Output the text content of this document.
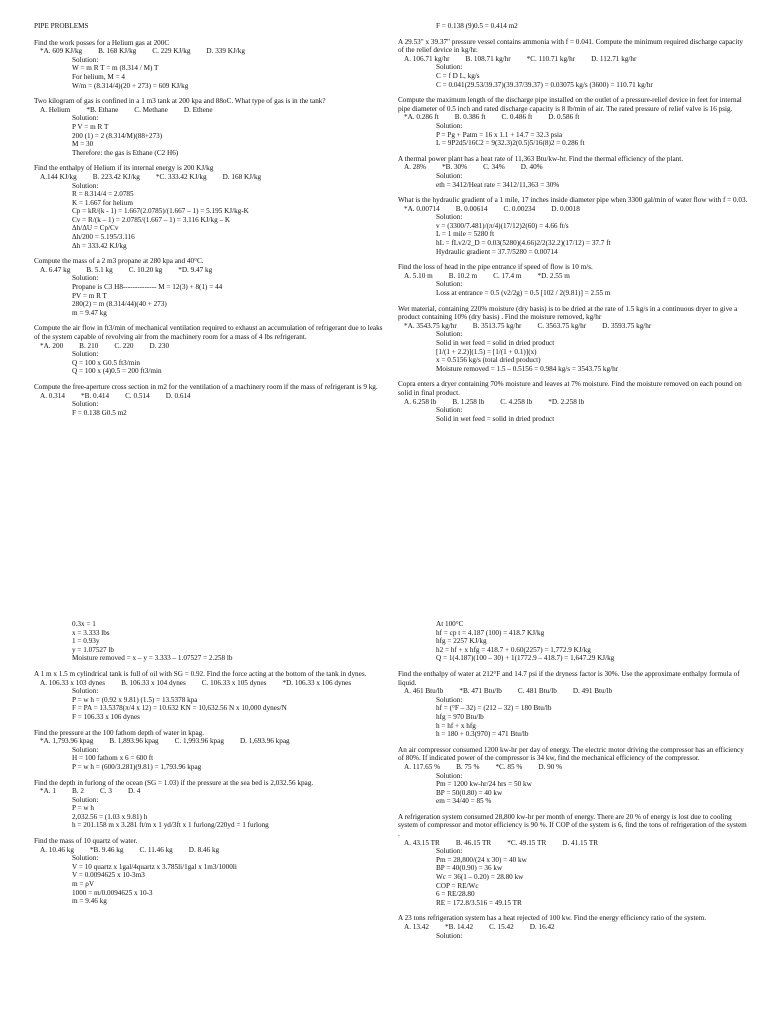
PIPE PROBLEMS

Find the work posses for a Helium gas at 200C

*A. 609 KJ/kg B. 168 KJ/kg C. 229 KJ/kg D. 339 KJ/kg
Solution:
W = m R T = m (8.314 / M) T
For helium, M = 4
W/m = (8.314/4)(20 + 273) = 609 KJ/kg

Two kilogram of gas is confined in a 1 m3 tank at 200 kpa and 88oC. What type of gas is in the tank?

A. Helium *B. Ethane C. Methane D. Ethene
Solution:
P V = m R T
200 (1) = 2 (8.314/M)(88+273)
M = 30
Therefore: the gas is Ethane (C2 H6)

Find the enthalpy of Helium if its internal energy is 200 KJ/kg

A.144 KJ/kg B. 223.42 KJ/kg *C. 333.42 KJ/kg D. 168 KJ/kg
Solution:
R = 8.314/4 = 2.0785
K = 1.667 for helium
Cp = kR/(k - 1) = 1.667(2.0785)/(1.667 – 1) = 5.195 KJ/kg-K
Cv = R/(k – 1) = 2.0785/(1.667 – 1) = 3.116 KJ/kg – K
Δh/ΔU = Cp/Cv
Δh/200 = 5.195/3.116
Δh = 333.42 KJ/kg

Compute the mass of a 2 m3 propane at 280 kpa and 40°C.

A. 6.47 kg B. 5.1 kg C. 10.20 kg *D. 9.47 kg
Solution:
Propane is C3 H8-------------- M = 12(3) + 8(1) = 44
PV = m R T
280(2) = m (8.314/44)(40 + 273)
m = 9.47 kg

Compute the air flow in ft3/min of mechanical ventilation required to exhaust an accumulation of refrigerant due to leaks of the system capable of revolving air from the machinery room for a mass of 4 lbs refrigerant.

*A. 200 B. 210 C. 220 D. 230
Solution:
Q = 100 x G0.5 ft3/min
Q = 100 x (4)0.5 = 200 ft3/min

Compute the free-aperture cross section in m2 for the ventilation of a machinery room if the mass of refrigerant is 9 kg.

A. 0.314 *B. 0.414 C. 0.514 D. 0.614
Solution:
F = 0.138 G0.5 m2
F = 0.138 (9)0.5 = 0.414 m2

A 29.53" x 39.37" pressure vessel contains ammonia with f = 0.041. Compute the minimum required discharge capacity of the relief device in kg/hr.

A. 106.71 kg/hr B. 108.71 kg/hr *C. 110.71 kg/hr D. 112.71 kg/hr
Solution:
C = f D L, kg/s
C = 0.041(29.53/39.37)(39.37/39.37) = 0.03075 kg/s (3600) = 110.71 kg/hr

Compute the maximum length of the discharge pipe installed on the outlet of a pressure-relief device in feet for internal pipe diameter of 0.5 inch and rated discharge capacity is 8 lb/min of air. The rated pressure of relief valve is 16 psig.

*A. 0.286 ft B. 0.386 ft C. 0.486 ft D. 0.586 ft
Solution:
P = Pg + Patm = 16 x 1.1 + 14.7 = 32.3 psia
L = 9P2d5/16C2 = 9(32.3)2(0.5)5/16(8)2 = 0.286 ft

A thermal power plant has a heat rate of 11,363 Btu/kw-hr. Find the thermal efficiency of the plant.

A. 28% *B. 30% C. 34% D. 40%
Solution:
eth = 3412/Heat rate = 3412/11,363 = 30%

What is the hydraulic gradient of a 1 mile, 17 inches inside diameter pipe when 3300 gal/min of water flow with f = 0.03.

*A. 0.00714 B. 0.00614 C. 0.00234 D. 0.0018
Solution:
v = (3300/7.481)/(π/4)(17/12)2(60) = 4.66 ft/s
L = 1 mile = 5280 ft
hL = fLv2/2_D = 0.03(5280)(4.66)2/2(32.2)(17/12) = 37.7 ft
Hydraulic gradient = 37.7/5280 = 0.00714

Find the loss of head in the pipe entrance if speed of flow is 10 m/s.

A. 5.10 m B. 10.2 m C. 17.4 m *D. 2.55 m
Solution:
Loss at entrance = 0.5 (v2/2g) = 0.5 [102 / 2(9.81)] = 2.55 m

Wet material, containing 220% moisture (dry basis) is to be dried at the rate of 1.5 kg/s in a continuous dryer to give a product containing 10% (dry basis) . Find the moisture removed, kg/hr

*A. 3543.75 kg/hr B. 3513.75 kg/hr C. 3563.75 kg/hr D. 3593.75 kg/hr
Solution:
Solid in wet feed = solid in dried product
[1/(1 + 2.2)](1.5) = [1/(1 + 0.1)](x)
x = 0.5156 kg/s (total dried product)
Moisture removed = 1.5 – 0.5156 = 0.984 kg/s = 3543.75 kg/hr

Copra enters a dryer containing 70% moisture and leaves at 7% moisture. Find the moisture removed on each pound on solid in final product.

A. 6.258 lb B. 1.258 lb C. 4.258 lb *D. 2.258 lb
Solution:
Solid in wet feed = solid in dried product
0.3x = 1
x = 3.333 lbs
1 = 0.93y
y = 1.07527 lb
Moisture removed = x – y = 3.333 – 1.07527 = 2.258 lb

A 1 m x 1.5 m cylindrical tank is full of oil with SG = 0.92. Find the force acting at the bottom of the tank in dynes.

A. 106.33 x 103 dynes B. 106.33 x 104 dynes C. 106.33 x 105 dynes *D. 106.33 x 106 dynes
Solution:
P = w h = (0.92 x 9.81) (1.5) = 13.5378 kpa
F = PA = 13.5378(π/4 x 12) = 10.632 KN = 10,632.56 N x 10,000 dynes/N
F = 106.33 x 106 dynes

Find the pressure at the 100 fathom depth of water in kpag.

*A. 1,793.96 kpag B. 1,893.96 kpag C. 1,993.96 kpag D. 1,693.96 kpag
Solution:
H = 100 fathom x 6 = 600 ft
P = w h = (600/3.281)(9.81) = 1,793.96 kpag

Find the depth in furlong of the ocean (SG = 1.03) if the pressure at the sea bed is 2,032.56 kpag.

*A. 1 B. 2 C. 3 D. 4
Solution:
P = w h
2,032.56 = (1.03 x 9.81) h
h = 201.158 m x 3.281 ft/m x 1 yd/3ft x 1 furlong/220yd = 1 furlong

Find the mass of 10 quartz of water.

A. 10.46 kg *B. 9.46 kg C. 11.46 kg D. 8.46 kg
Solution:
V = 10 quartz x 1gal/4quartz x 3.785li/1gal x 1m3/1000li
V = 0.0094625 x 10-3m3
m = ρV
1000 = m/0.0094625 x 10-3
m = 9.46 kg
At 100°C
hf = cp t = 4.187 (100) = 418.7 KJ/kg
hfg = 2257 KJ/kg
h2 = hf + x hfg = 418.7 + 0.60(2257) = 1,772.9 KJ/kg
Q = 1(4.187)(100 – 30) + 1(1772.9 – 418.7) = 1,647.29 KJ/kg

Find the enthalpy of water at 212°F and 14.7 psi if the dryness factor is 30%. Use the approximate enthalpy formula of liquid.

A. 461 Btu/lb *B. 471 Btu/lb C. 481 Btu/lb D. 491 Btu/lb
Solution:
hf = (°F – 32) = (212 – 32) = 180 Btu/lb
hfg = 970 Btu/lb
h = hf + x hfg
h = 180 + 0.3(970) = 471 Btu/lb

An air compressor consumed 1200 kw-hr per day of energy. The electric motor driving the compressor has an efficiency of 80%. If indicated power of the compressor is 34 kw, find the mechanical efficiency of the compressor.

A. 117.65 % B. 75 % *C. 85 % D. 90 %
Solution:
Pm = 1200 kw-hr/24 hrs = 50 kw
BP = 50(0.80) = 40 kw
em = 34/40 = 85 %

A refrigeration system consumed 28,800 kw-hr per month of energy. There are 20 % of energy is lost due to cooling system of compressor and motor efficiency is 90 %. If COP of the system is 6, find the tons of refrigeration of the system .

A. 43.15 TR B. 46.15 TR *C. 49.15 TR D. 41.15 TR
Solution:
Pm = 28,800/(24 x 30) = 40 kw
BP = 40(0.90) = 36 kw
Wc = 36(1 – 0.20) = 28.80 kw
COP = RE/Wc
6 = RE/28.80
RE = 172.8/3.516 = 49.15 TR

A 23 tons refrigeration system has a heat rejected of 100 kw. Find the energy efficiency ratio of the system.

A. 13.42 *B. 14.42 C. 15.42 D. 16.42
Solution:
